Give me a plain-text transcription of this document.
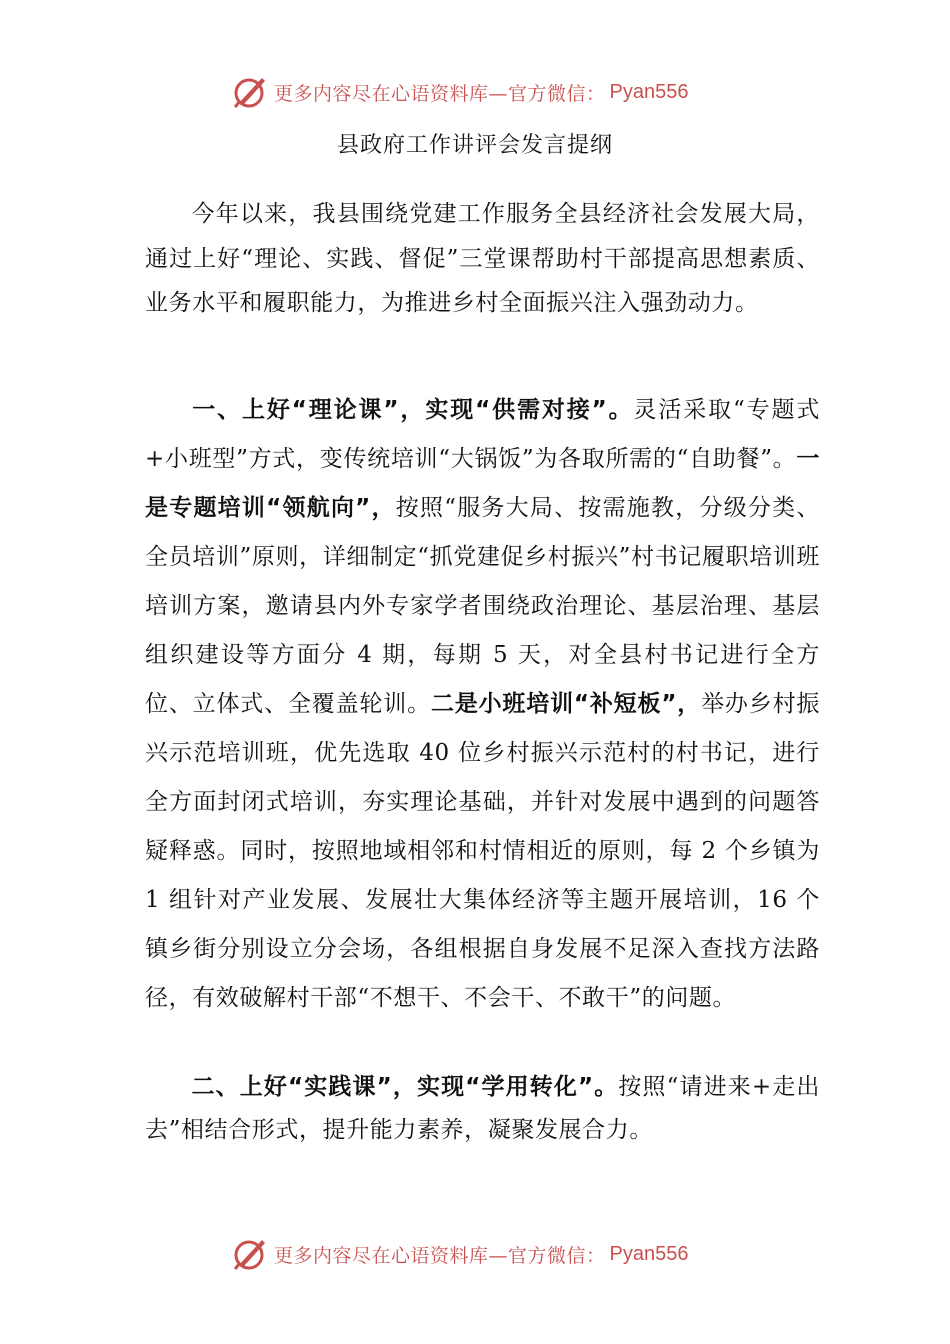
更多内容尽在心语资料库—官方微信： Pyan556
县政府工作讲评会发言提纲
今年以来，我县围绕党建工作服务全县经济社会发展大局，通过上好“理论、实践、督促”三堂课帮助村干部提高思想素质、业务水平和履职能力，为推进乡村全面振兴注入强劲动力。
一、上好“理论课”，实现“供需对接”。灵活采取“专题式+小班型”方式，变传统培训“大锅饭”为各取所需的“自助餐”。一是专题培训“领航向”，按照“服务大局、按需施教，分级分类、全员培训”原则，详细制定“抓党建促乡村振兴”村书记履职培训班培训方案，邀请县内外专家学者围绕政治理论、基层治理、基层组织建设等方面分 4 期，每期 5 天，对全县村书记进行全方位、立体式、全覆盖轮训。二是小班培训“补短板”，举办乡村振兴示范培训班，优先选取 40 位乡村振兴示范村的村书记，进行全方面封闭式培训，夯实理论基础，并针对发展中遇到的问题答疑释惑。同时，按照地域相邻和村情相近的原则，每 2 个乡镇为 1 组针对产业发展、发展壮大集体经济等主题开展培训，16 个镇乡街分别设立分会场，各组根据自身发展不足深入查找方法路径，有效破解村干部“不想干、不会干、不敢干”的问题。
二、上好“实践课”，实现“学用转化”。按照“请进来+走出去”相结合形式，提升能力素养，凝聚发展合力。
更多内容尽在心语资料库—官方微信： Pyan556
